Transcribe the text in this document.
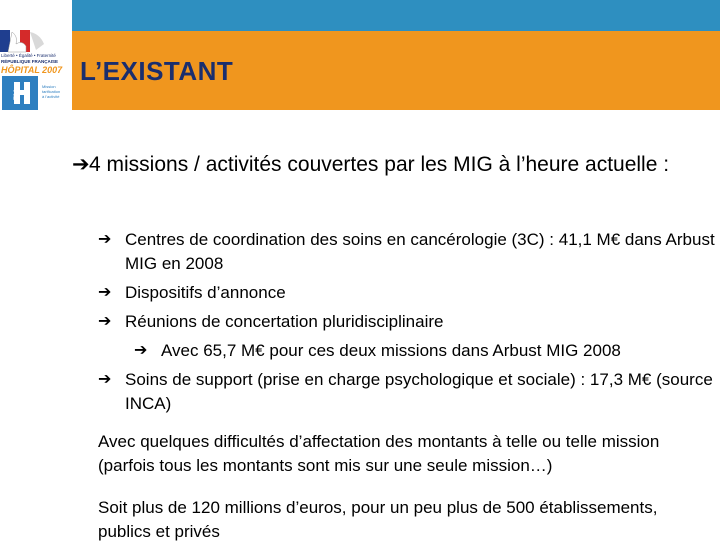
Liberté • Égalité • Fraternité
RÉPUBLIQUE FRANÇAISE
HÔPITAL 2007
T2A
Mission tarification à l'activité
L’EXISTANT
➔ 4 missions / activités couvertes par les MIG à l’heure actuelle :
➔ Centres de coordination des soins en cancérologie (3C) : 41,1 M€ dans Arbust MIG en 2008
➔ Dispositifs d’annonce
➔ Réunions de concertation pluridisciplinaire
➔ Avec 65,7 M€ pour ces deux missions dans Arbust MIG 2008
➔ Soins de support (prise en charge psychologique et sociale) : 17,3 M€ (source INCA)
Avec quelques difficultés d’affectation des montants à telle ou telle mission (parfois tous les montants sont mis sur une seule mission…)
Soit plus de 120 millions d’euros, pour un peu plus de 500 établissements, publics et privés
